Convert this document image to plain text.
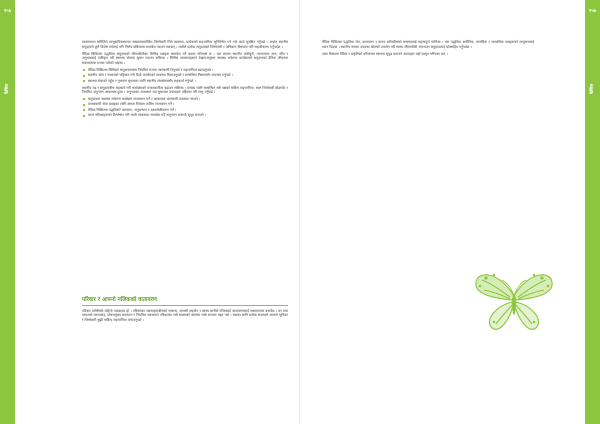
१५६
फेसिल

व्यवस्थापन समितिले सामुदायिकस्तरमा सबलताबमोजिम जिम्मेवारी लिने व्यवस्था, प्रत्येकको सहभागिता सुनिश्चित गर्न तर्फ कार्य सुरक्षित गर्नुपर्छ । अर्थात् स्थानीय समुदायले कुनै विशेष वर्गलाई पनि निर्णय प्रक्रियामा समावेश गराउन सक्छन् । त्यसैले प्रत्येक समुदायको जिम्मेवारी र अधिकार विषयमा पनि सहजीकरण गर्नुपर्दछ ।

वैदिक चिकित्सा पद्धतिमा समुदायको जीवनशैलीका विभिन्न पक्षहरू समावेश गर्ने प्रयास गरिएको छ । यस क्रममा स्थानीय जडीबुटी, परम्परागत ज्ञान, सीप र अनुभवलाई एकीकृत गरी स्वास्थ्य सेवामा सुधार ल्याउन सकिन्छ । विभिन्न अध्ययनहरूले देखाएअनुसार स्वास्थ्य सचेतना कार्यक्रमले समुदायको दैनिक जीवनमा सकारात्मक प्रभाव पारेको पाइन्छ ।

वैदिक चिकित्सा विधिबारे समुदायस्तरमा नियमित रूपमा जानकारी दिनुपर्छ र सहभागिता बढाउनुपर्छ ।
स्थानीय स्रोत र साधनको पहिचान गरी दिगो उपयोगको व्यवस्था मिलाउनुपर्छ र सम्बन्धित निकायसँग समन्वय गर्नुपर्छ ।
स्वास्थ्य सेवाको पहुँच र गुणस्तर सुधारका लागि स्थानीय संघसंस्थासँग सहकार्य गर्नुपर्छ ।

स्थानीय तह र समुदायबीच सहकार्य गरी कार्यक्रमको प्रभावकारिता बढाउन सकिन्छ । यसका लागि सम्बन्धित सबै पक्षको सक्रिय सहभागिता, स्पष्ट जिम्मेवारी बाँडफाँट र नियमित अनुगमन आवश्यक हुन्छ । अनुभवका आधारमा थप सुधारका उपायहरू पहिचान गरी लागू गर्नुपर्छ ।

समुदायमा स्वास्थ्य सचेतना कार्यक्रम सञ्चालन गर्ने र आवश्यक जानकारी उपलब्ध गराउने ।
प्रभावकारी सेवा प्रवाहका लागि क्षमता विकास तालिम सञ्चालन गर्ने ।
वैदिक चिकित्सा पद्धतिबारे अध्ययन, अनुसन्धान र दस्तावेजीकरण गर्ने ।
प्राप्त नतिजाहरूको विश्लेषण गरी भावी योजनामा समावेश गर्दै अनुगमन प्रणाली सुदृढ बनाउने ।
परिवार र आफ्नो नजिकको वातावरण

परिवार व्यक्तिको पहिलो पाठशाला हो । परिवारका सदस्यहरूबीचको सम्बन्ध, आपसी सहयोग र स्वस्थ बानीले नजिकको वातावरणलाई सकारात्मक बनाउँछ । घर तथा वरपरको सरसफाइ, पोषणयुक्त खानपान र नियमित व्यायामले परिवारका सबै सदस्यको स्वास्थ्य राम्रो बनाउन मद्दत गर्छ । यसका लागि प्रत्येक सदस्यले आफ्नो भूमिका र जिम्मेवारी बुझी सक्रिय सहभागिता जनाउनुपर्छ ।

१५७
फेसिल

वैदिक चिकित्सा पद्धतिमा रोग, वातावरण र मानव शरीरबीचको सम्बन्धलाई महत्त्वपूर्ण मानिन्छ । यस पद्धतिमा शारीरिक, मानसिक र सामाजिक पक्षहरूको सन्तुलनलाई ध्यान दिइन्छ । स्थानीय स्तरमा उपलब्ध स्रोतको उपयोग गरी स्वस्थ जीवनशैली अपनाउन समुदायलाई प्रोत्साहित गर्नुपर्दछ ।

उक्त विषयमा वैदिक र प्रकृतिको परिवारमा स्वास्थ्य सुदृढ बनाउने उपायहरू यहाँ प्रस्तुत गरिएका छन् ।
